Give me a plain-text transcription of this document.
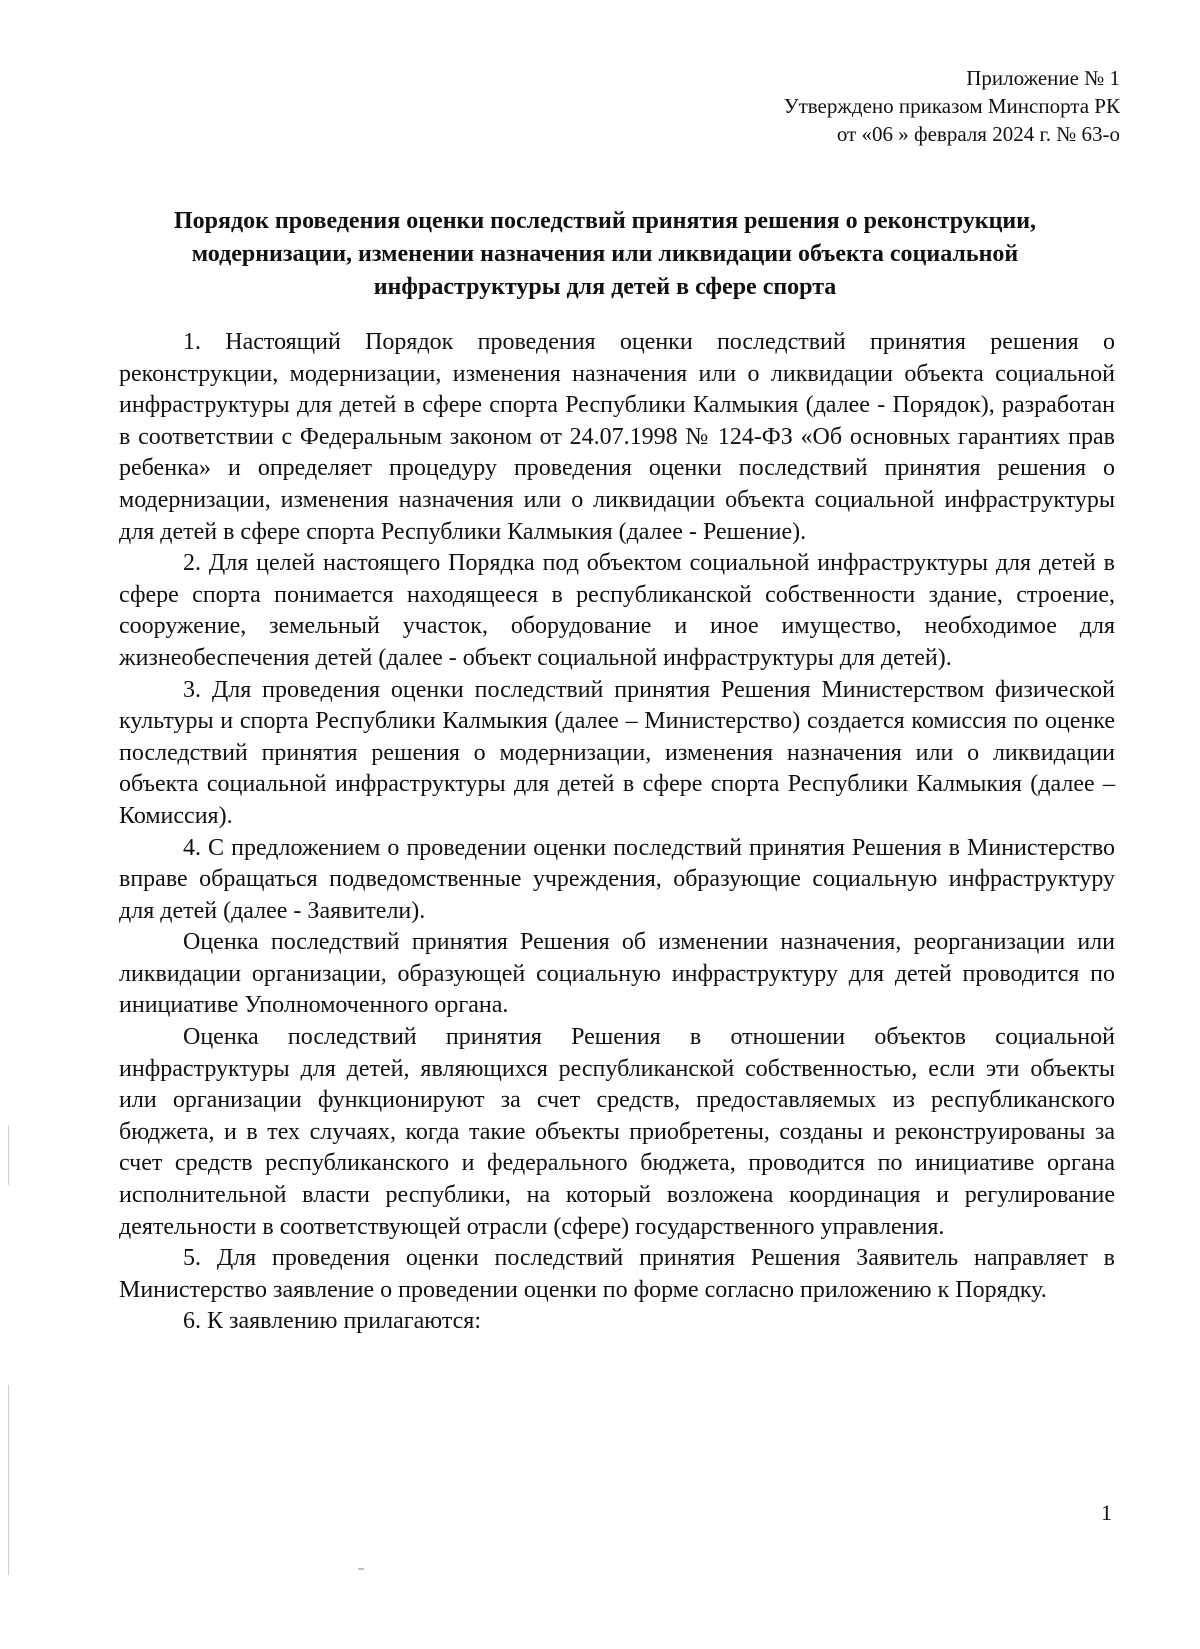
Приложение № 1
Утверждено приказом Минспорта РК
от «06 » февраля 2024 г. № 63-о
Порядок проведения оценки последствий принятия решения о реконструкции,
модернизации, изменении назначения или ликвидации объекта социальной
инфраструктуры для детей в сфере спорта

1. Настоящий Порядок проведения оценки последствий принятия решения о реконструкции, модернизации, изменения назначения или о ликвидации объекта социальной инфраструктуры для детей в сфере спорта Республики Калмыкия (далее - Порядок), разработан в соответствии с Федеральным законом от 24.07.1998 № 124-ФЗ «Об основных гарантиях прав ребенка» и определяет процедуру проведения оценки последствий принятия решения о модернизации, изменения назначения или о ликвидации объекта социальной инфраструктуры для детей в сфере спорта Республики Калмыкия (далее - Решение).

2. Для целей настоящего Порядка под объектом социальной инфраструктуры для детей в сфере спорта понимается находящееся в республиканской собственности здание, строение, сооружение, земельный участок, оборудование и иное имущество, необходимое для жизнеобеспечения детей (далее - объект социальной инфраструктуры для детей).

3. Для проведения оценки последствий принятия Решения Министерством физической культуры и спорта Республики Калмыкия (далее – Министерство) создается комиссия по оценке последствий принятия решения о модернизации, изменения назначения или о ликвидации объекта социальной инфраструктуры для детей в сфере спорта Республики Калмыкия (далее – Комиссия).

4. С предложением о проведении оценки последствий принятия Решения в Министерство вправе обращаться подведомственные учреждения, образующие социальную инфраструктуру для детей (далее - Заявители).

Оценка последствий принятия Решения об изменении назначения, реорганизации или ликвидации организации, образующей социальную инфраструктуру для детей проводится по инициативе Уполномоченного органа.

Оценка последствий принятия Решения в отношении объектов социальной инфраструктуры для детей, являющихся республиканской собственностью, если эти объекты или организации функционируют за счет средств, предоставляемых из республиканского бюджета, и в тех случаях, когда такие объекты приобретены, созданы и реконструированы за счет средств республиканского и федерального бюджета, проводится по инициативе органа исполнительной власти республики, на который возложена координация и регулирование деятельности в соответствующей отрасли (сфере) государственного управления.

5. Для проведения оценки последствий принятия Решения Заявитель направляет в Министерство заявление о проведении оценки по форме согласно приложению к Порядку.

6. К заявлению прилагаются:

1
